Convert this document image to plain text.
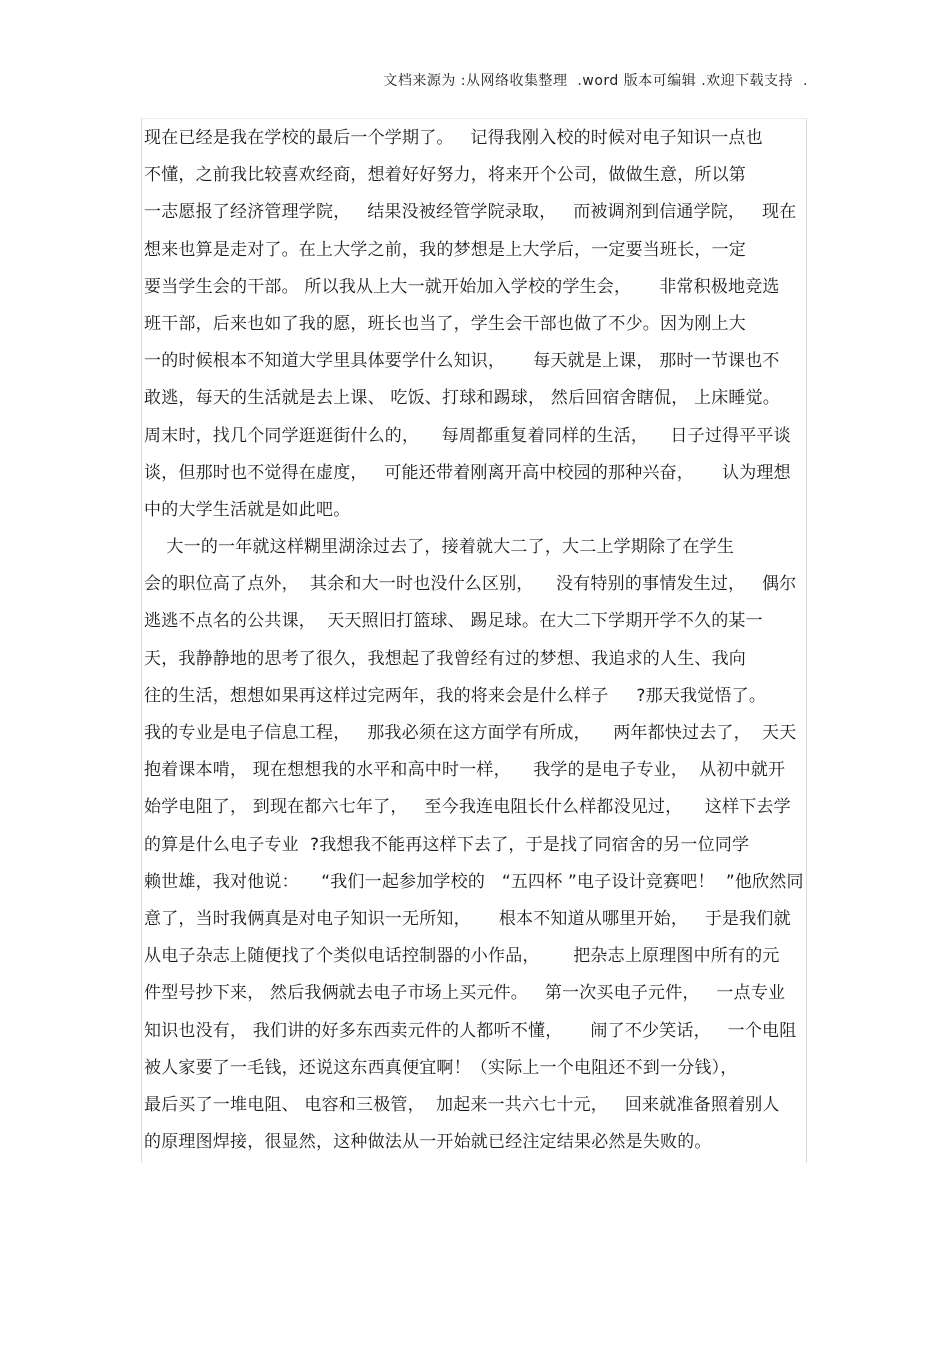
文档来源为 :从网络收集整理  .word 版本可编辑 .欢迎下载支持  .
现在已经是我在学校的最后一个学期了。   记得我刚入校的时候对电子知识一点也
不懂，之前我比较喜欢经商，想着好好努力，将来开个公司，做做生意，所以第
一志愿报了经济管理学院，   结果没被经管学院录取，   而被调剂到信通学院，   现在
想来也算是走对了。在上大学之前，我的梦想是上大学后，一定要当班长，一定
要当学生会的干部。 所以我从上大一就开始加入学校的学生会，     非常积极地竞选
班干部，后来也如了我的愿，班长也当了，学生会干部也做了不少。因为刚上大
一的时候根本不知道大学里具体要学什么知识，     每天就是上课， 那时一节课也不
敢逃，每天的生活就是去上课、 吃饭、打球和踢球， 然后回宿舍瞎侃， 上床睡觉。
周末时，找几个同学逛逛街什么的，    每周都重复着同样的生活，    日子过得平平谈
谈，但那时也不觉得在虚度，   可能还带着刚离开高中校园的那种兴奋，     认为理想
中的大学生活就是如此吧。
大一的一年就这样糊里湖涂过去了，接着就大二了，大二上学期除了在学生
会的职位高了点外，  其余和大一时也没什么区别，    没有特别的事情发生过，   偶尔
逃逃不点名的公共课，  天天照旧打篮球、 踢足球。在大二下学期开学不久的某一
天，我静静地的思考了很久，我想起了我曾经有过的梦想、我追求的人生、我向
往的生活，想想如果再这样过完两年，我的将来会是什么样子     ?那天我觉悟了。
我的专业是电子信息工程，   那我必须在这方面学有所成，    两年都快过去了，  天天
抱着课本啃， 现在想想我的水平和高中时一样，    我学的是电子专业，  从初中就开
始学电阻了， 到现在都六七年了，   至今我连电阻长什么样都没见过，    这样下去学
的算是什么电子专业  ?我想我不能再这样下去了，于是找了同宿舍的另一位同学
赖世雄，我对他说：    “我们一起参加学校的   “五四杯 ”电子设计竞赛吧！  ”他欣然同
意了，当时我俩真是对电子知识一无所知，     根本不知道从哪里开始，   于是我们就
从电子杂志上随便找了个类似电话控制器的小作品，      把杂志上原理图中所有的元
件型号抄下来， 然后我俩就去电子市场上买元件。   第一次买电子元件，   一点专业
知识也没有， 我们讲的好多东西卖元件的人都听不懂，     闹了不少笑话，   一个电阻
被人家要了一毛钱，还说这东西真便宜啊！（实际上一个电阻还不到一分钱），
最后买了一堆电阻、 电容和三极管，  加起来一共六七十元，   回来就准备照着别人
的原理图焊接，很显然，这种做法从一开始就已经注定结果必然是失败的。
